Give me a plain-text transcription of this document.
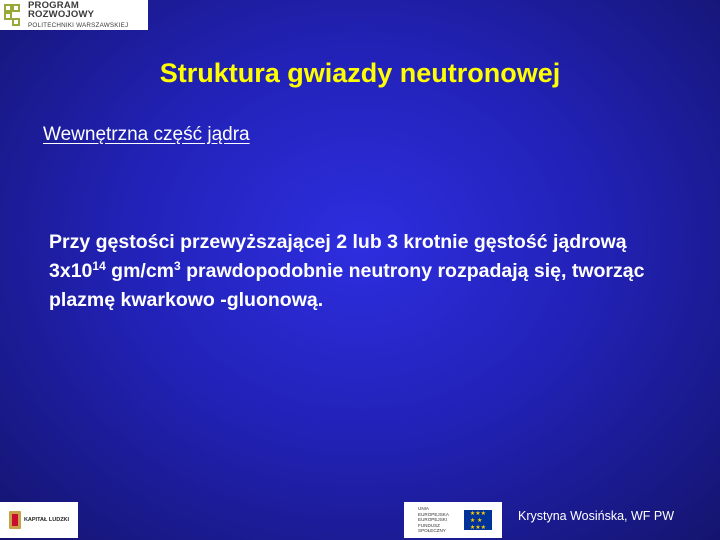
PROGRAM ROZWOJOWY
POLITECHNIKI WARSZAWSKIEJ
Struktura gwiazdy neutronowej
Wewnętrzna część jądra
Przy gęstości przewyższającej 2 lub 3 krotnie gęstość jądrową $3x10^{14}$ $gm/cm^3$ prawdopodobnie neutrony rozpadają się, tworząc plazmę kwarkowo -gluonową.
KAPITAŁ LUDZKI
UNIA EUROPEJSKA EUROPEJSKI FUNDUSZ SPOŁECZNY
★★★
★ ★
★★★
Krystyna Wosińska, WF PW
